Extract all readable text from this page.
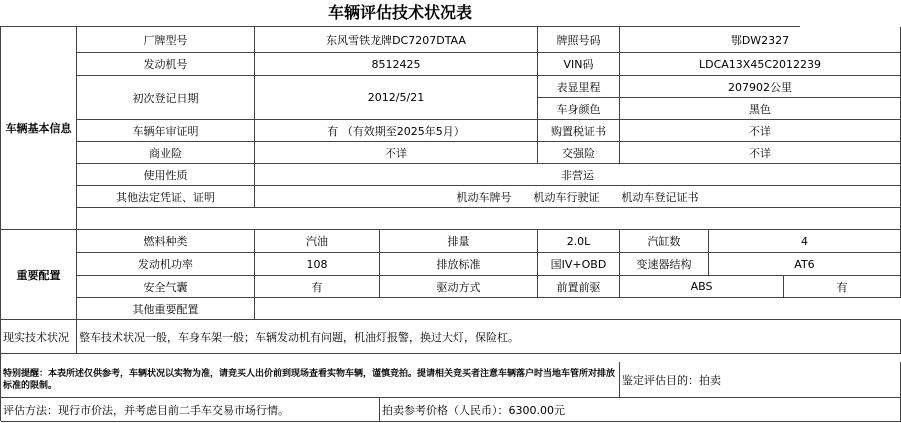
车辆评估技术状况表
车辆基本信息
厂牌型号	东风雪铁龙牌DC7207DTAA	牌照号码	鄂DW2327
发动机号	8512425	VIN码	LDCA13X45C2012239
初次登记日期	2012/5/21
表显里程	207902公里
车身颜色	黑色
车辆年审证明	有 （有效期至2025年5月）	购置税证书	不详
商业险	不详	交强险	不详
使用性质	非营运
其他法定凭证、证明	机动车牌号 机动车行驶证 机动车登记证书
重要配置
燃料种类	汽油	排量	2.0L	汽缸数	4
发动机功率	108	排放标准	国IV+OBD	变速器结构	AT6
安全气囊	有	驱动方式	前置前驱	ABS	有
其他重要配置
现实技术状况 整车技术状况一般，车身车架一般；车辆发动机有问题，机油灯报警，换过大灯，保险杠。
特别提醒：本表所述仅供参考，车辆状况以实物为准，请竞买人出价前到现场查看实物车辆，谨慎竞拍。提请相关竞买者注意车辆落户时当地车管所对排放标准的限制。	鉴定评估目的：拍卖
评估方法：现行市价法，并考虑目前二手车交易市场行情。	拍卖参考价格（人民币）：6300.00元
